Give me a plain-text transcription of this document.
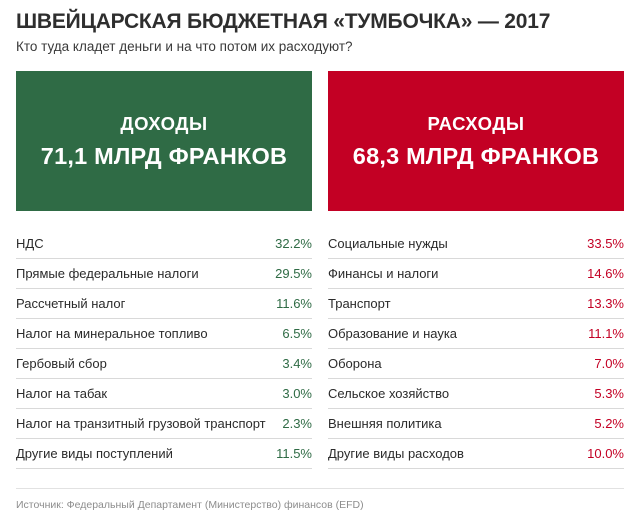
ШВЕЙЦАРСКАЯ БЮДЖЕТНАЯ «ТУМБОЧКА» — 2017
Кто туда кладет деньги и на что потом их расходуют?
ДОХОДЫ
71,1 МЛРД ФРАНКОВ
НДС	32.2%
Прямые федеральные налоги	29.5%
Рассчетный налог	11.6%
Налог на минеральное топливо	6.5%
Гербовый сбор	3.4%
Налог на табак	3.0%
Налог на транзитный грузовой транспорт	2.3%
Другие виды поступлений	11.5%
РАСХОДЫ
68,3 МЛРД ФРАНКОВ
Социальные нужды	33.5%
Финансы и налоги	14.6%
Транспорт	13.3%
Образование и наука	11.1%
Оборона	7.0%
Сельское хозяйство	5.3%
Внешняя политика	5.2%
Другие виды расходов	10.0%
Источник: Федеральный Департамент (Министерство) финансов (EFD)
